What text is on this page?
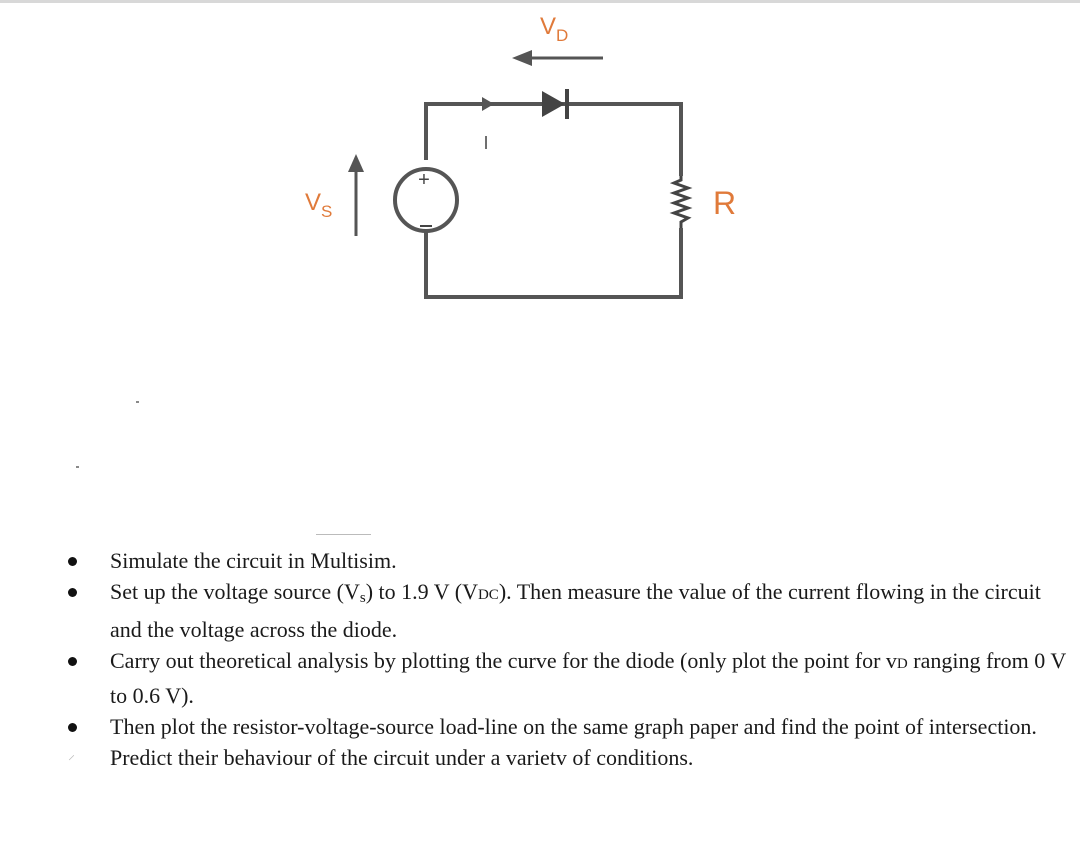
I
$V_D$
+
$V_S$	R
Simulate the circuit in Multisim.
Set up the voltage source $(V_s)$ to 1.9 V (VDC). Then measure the value of the current flowing in the circuit and the voltage across the diode.
Carry out theoretical analysis by plotting the curve for the diode (only plot the point for vD ranging from 0 V to 0.6 V).
Then plot the resistor-voltage-source load-line on the same graph paper and find the point of intersection.
⸍ Predict their behaviour of the circuit under a varietv of conditions.
